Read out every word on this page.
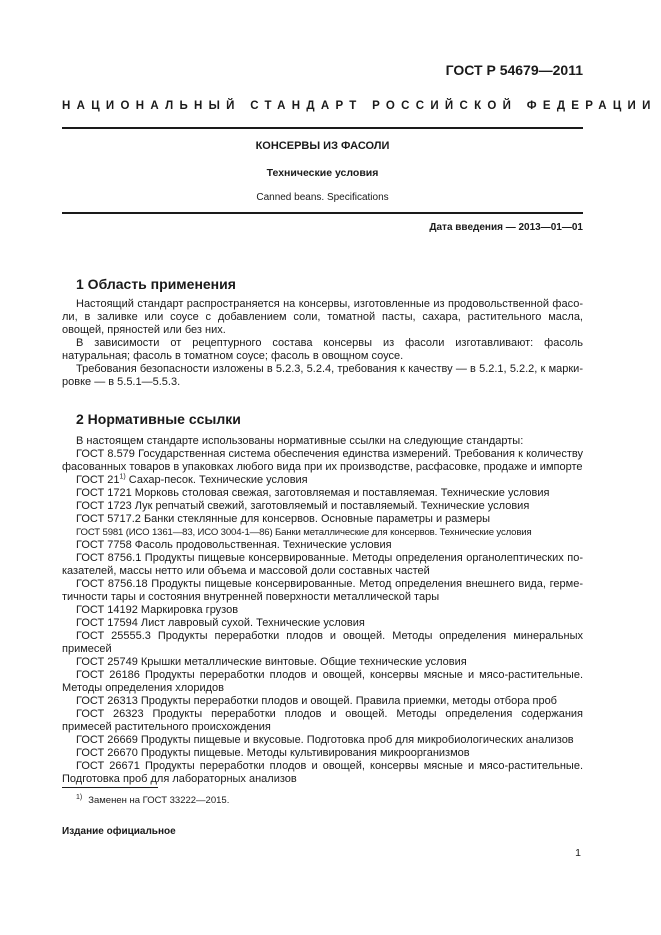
ГОСТ Р 54679—2011
НАЦИОНАЛЬНЫЙ СТАНДАРТ РОССИЙСКОЙ ФЕДЕРАЦИИ
КОНСЕРВЫ ИЗ ФАСОЛИ
Технические условия
Canned beans. Specifications
Дата введения — 2013—01—01
1 Область применения

Настоящий стандарт распространяется на консервы, изготовленные из продовольственной фасо-ли, в заливке или соусе с добавлением соли, томатной пасты, сахара, растительного масла, овощей, пряностей или без них.

В зависимости от рецептурного состава консервы из фасоли изготавливают: фасоль натуральная; фасоль в томатном соусе; фасоль в овощном соусе.

Требования безопасности изложены в 5.2.3, 5.2.4, требования к качеству — в 5.2.1, 5.2.2, к марки-ровке — в 5.5.1—5.5.3.

2 Нормативные ссылки

В настоящем стандарте использованы нормативные ссылки на следующие стандарты:

ГОСТ 8.579 Государственная система обеспечения единства измерений. Требования к количеству фасованных товаров в упаковках любого вида при их производстве, расфасовке, продаже и импорте

ГОСТ 21$^{1)}$ Сахар-песок. Технические условия

ГОСТ 1721 Морковь столовая свежая, заготовляемая и поставляемая. Технические условия

ГОСТ 1723 Лук репчатый свежий, заготовляемый и поставляемый. Технические условия

ГОСТ 5717.2 Банки стеклянные для консервов. Основные параметры и размеры

ГОСТ 5981 (ИСО 1361—83, ИСО 3004-1—86) Банки металлические для консервов. Технические условия

ГОСТ 7758 Фасоль продовольственная. Технические условия

ГОСТ 8756.1 Продукты пищевые консервированные. Методы определения органолептических по-казателей, массы нетто или объема и массовой доли составных частей

ГОСТ 8756.18 Продукты пищевые консервированные. Метод определения внешнего вида, герме-тичности тары и состояния внутренней поверхности металлической тары

ГОСТ 14192 Маркировка грузов

ГОСТ 17594 Лист лавровый сухой. Технические условия

ГОСТ 25555.3 Продукты переработки плодов и овощей. Методы определения минеральных примесей

ГОСТ 25749 Крышки металлические винтовые. Общие технические условия

ГОСТ 26186 Продукты переработки плодов и овощей, консервы мясные и мясо-растительные. Методы определения хлоридов

ГОСТ 26313 Продукты переработки плодов и овощей. Правила приемки, методы отбора проб

ГОСТ 26323 Продукты переработки плодов и овощей. Методы определения содержания примесей растительного происхождения

ГОСТ 26669 Продукты пищевые и вкусовые. Подготовка проб для микробиологических анализов

ГОСТ 26670 Продукты пищевые. Методы культивирования микроорганизмов

ГОСТ 26671 Продукты переработки плодов и овощей, консервы мясные и мясо-растительные. Подготовка проб для лабораторных анализов

$^{1)}$ Заменен на ГОСТ 33222—2015.
Издание официальное
1
